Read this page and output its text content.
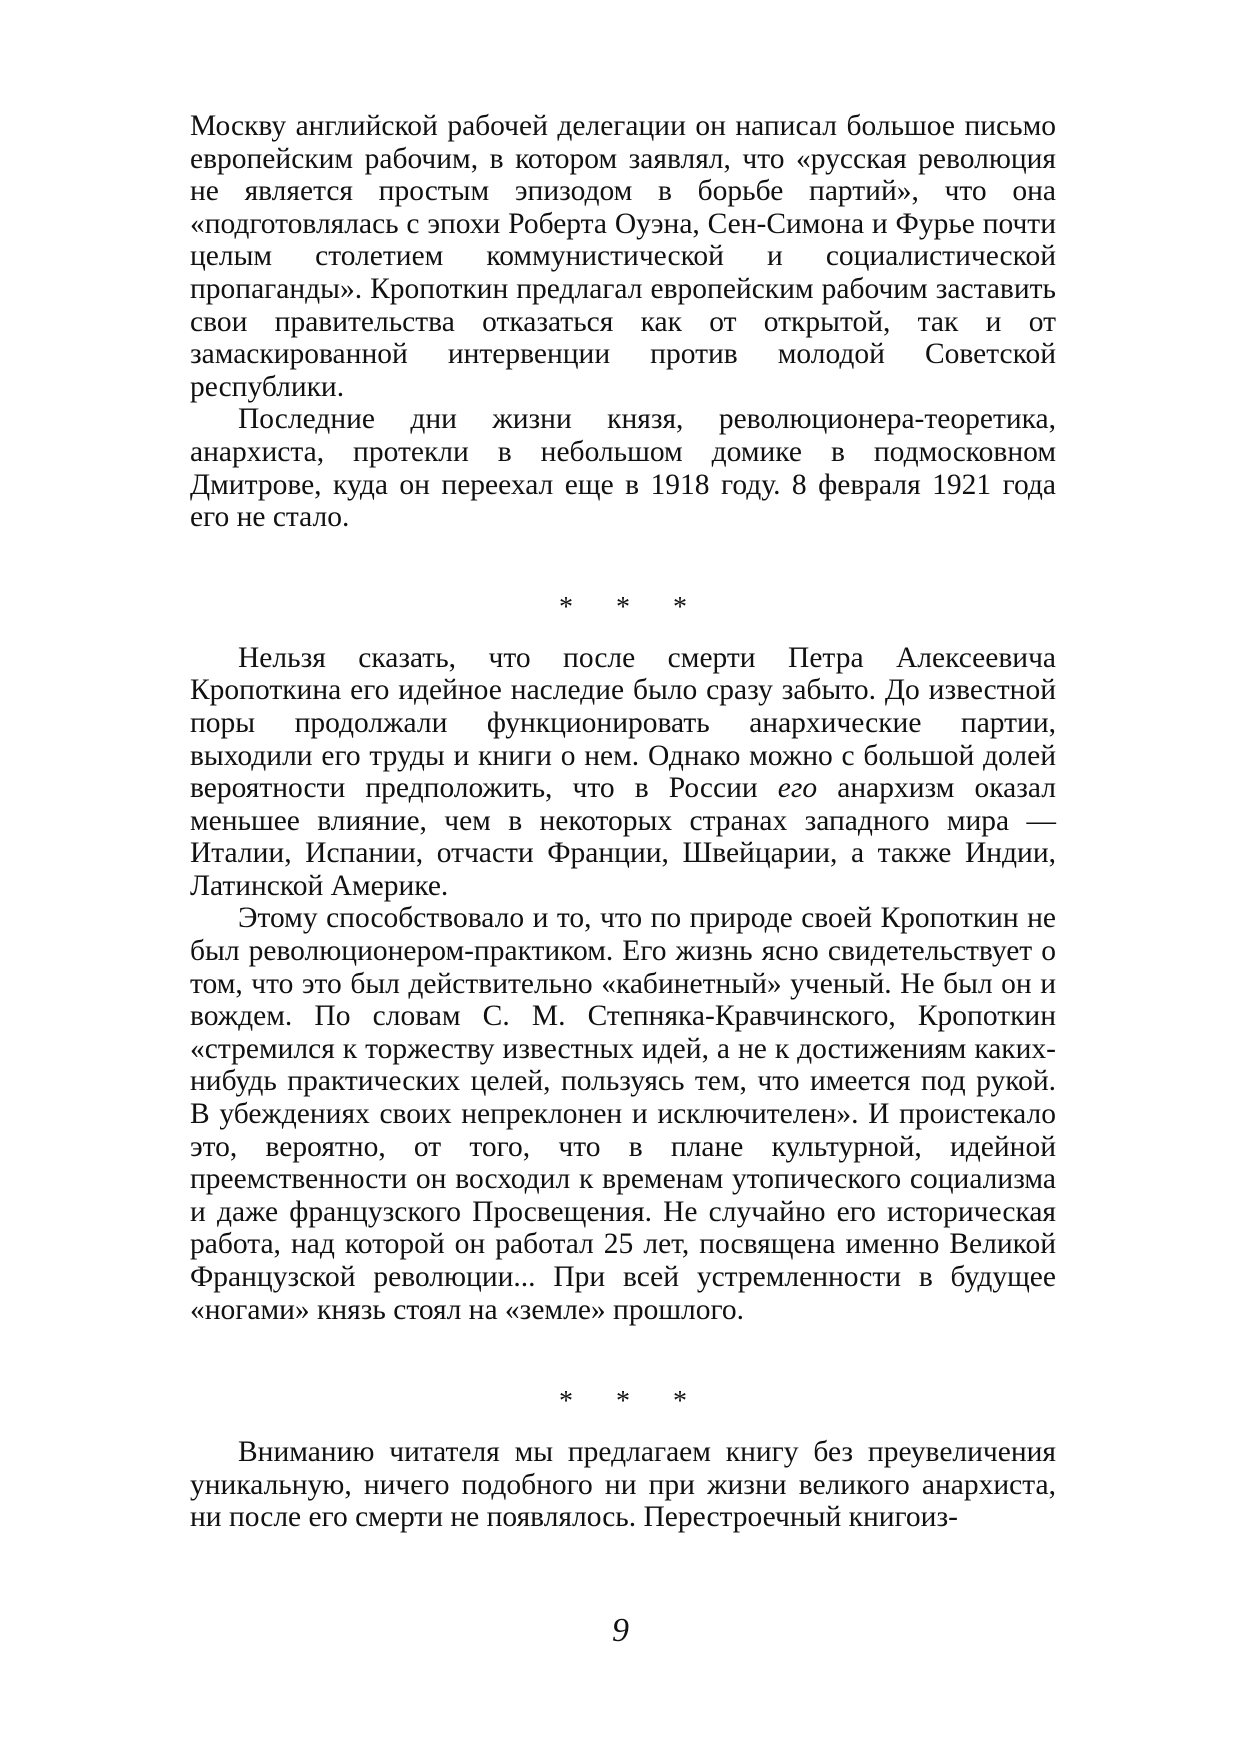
Москву английской рабочей делегации он написал большое письмо европейским рабочим, в котором заявлял, что «русская революция не является простым эпизодом в борьбе партий», что она «подготовлялась с эпохи Роберта Оуэна, Сен-Симона и Фурье почти целым столетием коммунистической и социалистической пропаганды». Кропоткин предлагал европейским рабочим заставить свои правительства отказаться как от открытой, так и от замаскированной интервенции против молодой Советской республики.

Последние дни жизни князя, революционера-теоретика, анархиста, протекли в небольшом домике в подмосковном Дмитрове, куда он переехал еще в 1918 году. 8 февраля 1921 года его не стало.

* * *

Нельзя сказать, что после смерти Петра Алексеевича Кропоткина его идейное наследие было сразу забыто. До известной поры продолжали функционировать анархические партии, выходили его труды и книги о нем. Однако можно с большой долей вероятности предположить, что в России его анархизм оказал меньшее влияние, чем в некоторых странах западного мира — Италии, Испании, отчасти Франции, Швейцарии, а также Индии, Латинской Америке.

Этому способствовало и то, что по природе своей Кропоткин не был революционером-практиком. Его жизнь ясно свидетельствует о том, что это был действительно «кабинетный» ученый. Не был он и вождем. По словам С. М. Степняка-Кравчинского, Кропоткин «стремился к торжеству известных идей, а не к достижениям каких-нибудь практических целей, пользуясь тем, что имеется под рукой. В убеждениях своих непреклонен и исключителен». И проистекало это, вероятно, от того, что в плане культурной, идейной преемственности он восходил к временам утопического социализма и даже французского Просвещения. Не случайно его историческая работа, над которой он работал 25 лет, посвящена именно Великой Французской революции... При всей устремленности в будущее «ногами» князь стоял на «земле» прошлого.

* * *

Вниманию читателя мы предлагаем книгу без преувеличения уникальную, ничего подобного ни при жизни великого анархиста, ни после его смерти не появлялось. Перестроечный книгоиз-

9
